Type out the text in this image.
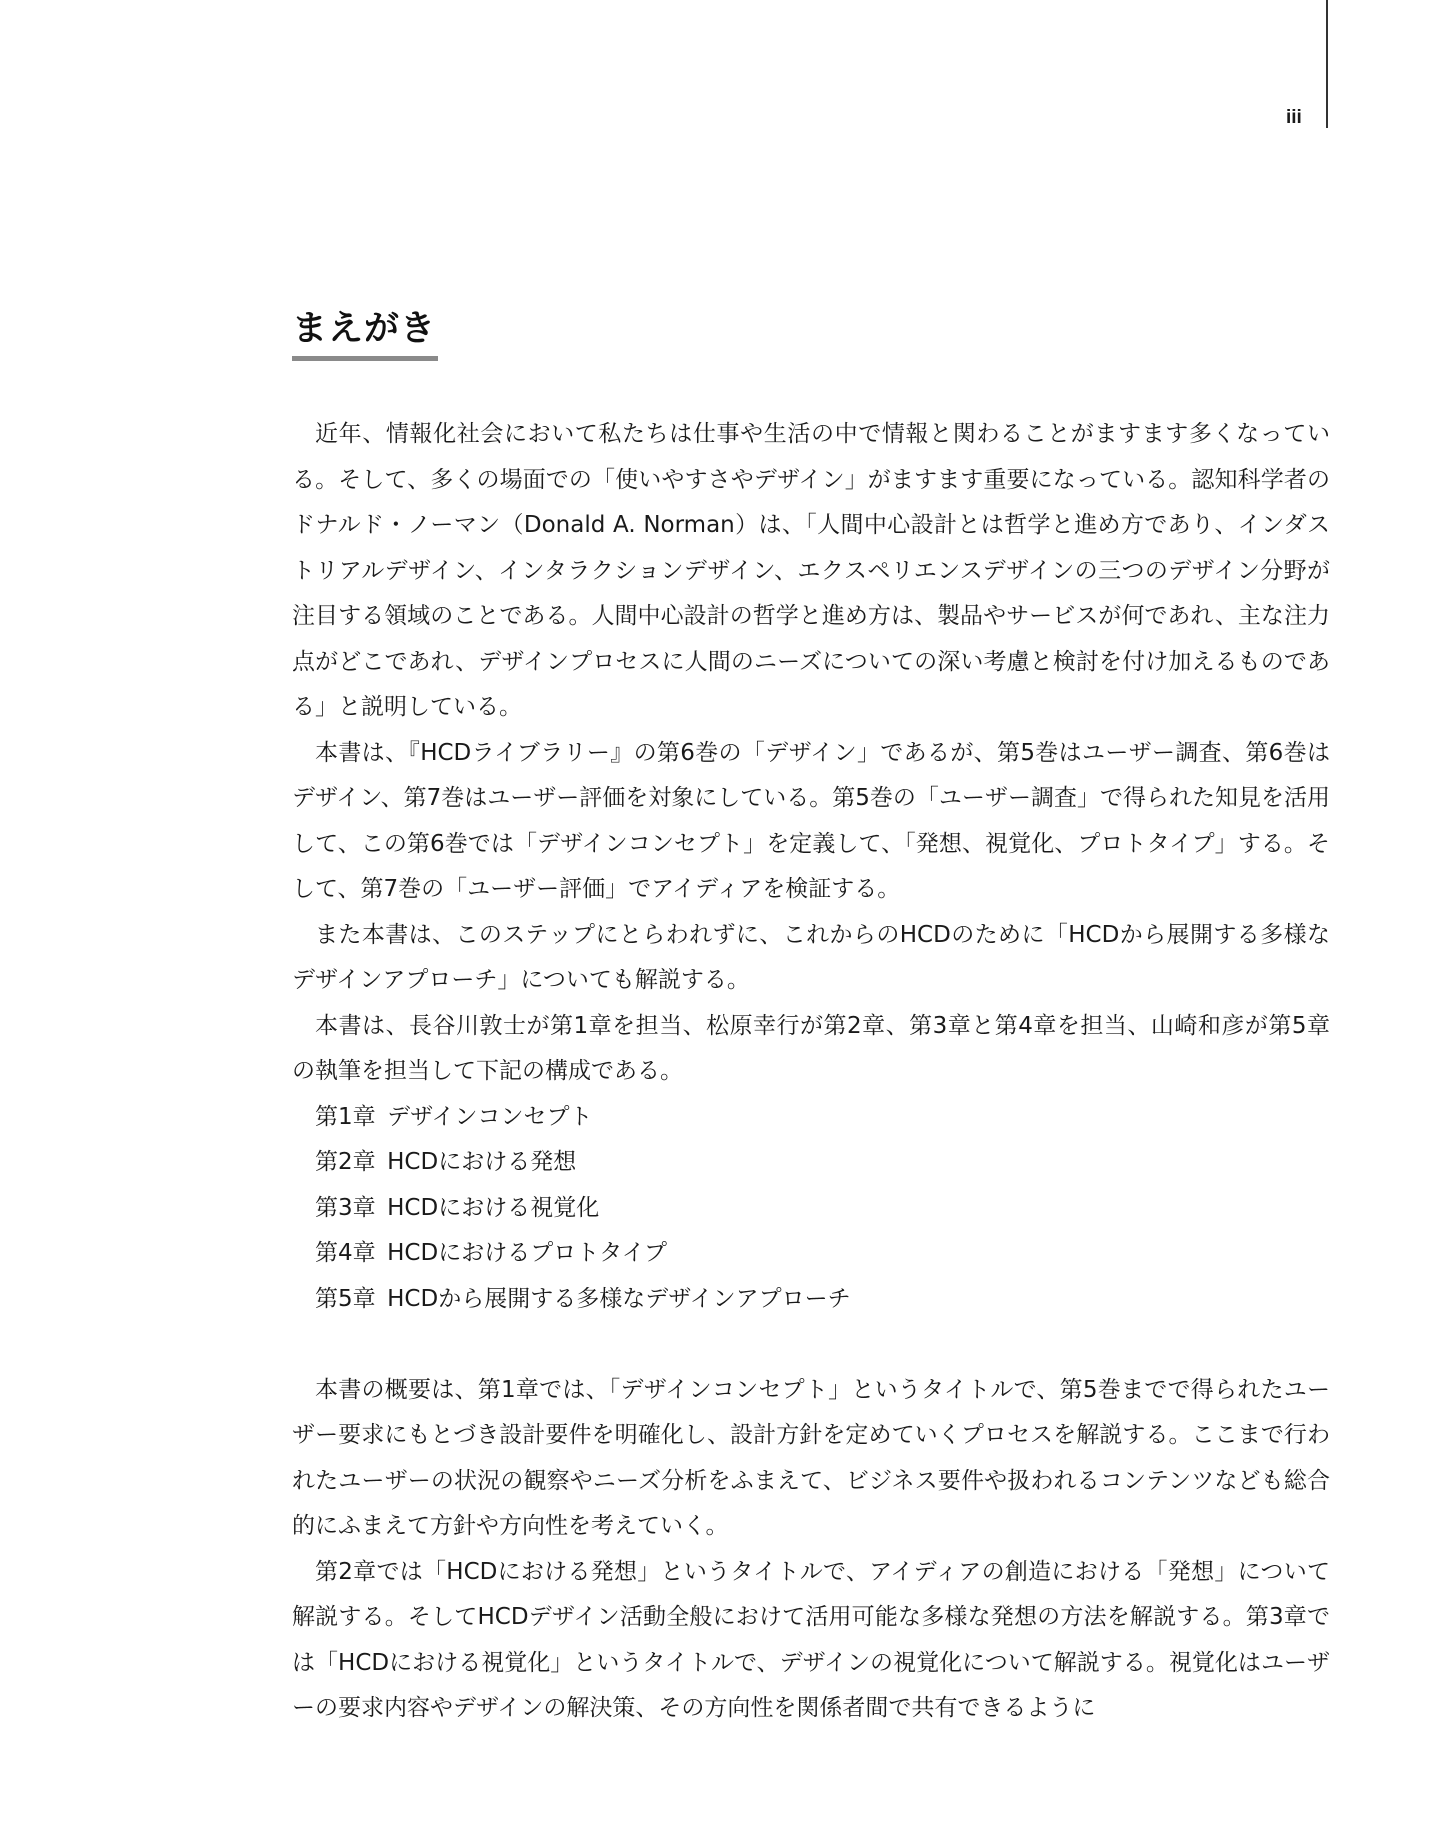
iii
まえがき

近年、情報化社会において私たちは仕事や生活の中で情報と関わることがますます多くなっている。そして、多くの場面での「使いやすさやデザイン」がますます重要になっている。認知科学者のドナルド・ノーマン（Donald A. Norman）は、「人間中心設計とは哲学と進め方であり、インダストリアルデザイン、インタラクションデザイン、エクスペリエンスデザインの三つのデザイン分野が注目する領域のことである。人間中心設計の哲学と進め方は、製品やサービスが何であれ、主な注力点がどこであれ、デザインプロセスに人間のニーズについての深い考慮と検討を付け加えるものである」と説明している。

本書は、『HCDライブラリー』の第6巻の「デザイン」であるが、第5巻はユーザー調査、第6巻はデザイン、第7巻はユーザー評価を対象にしている。第5巻の「ユーザー調査」で得られた知見を活用して、この第6巻では「デザインコンセプト」を定義して、「発想、視覚化、プロトタイプ」する。そして、第7巻の「ユーザー評価」でアイディアを検証する。

また本書は、このステップにとらわれずに、これからのHCDのために「HCDから展開する多様なデザインアプローチ」についても解説する。

本書は、長谷川敦士が第1章を担当、松原幸行が第2章、第3章と第4章を担当、山崎和彦が第5章の執筆を担当して下記の構成である。

第1章 デザインコンセプト
第2章 HCDにおける発想
第3章 HCDにおける視覚化
第4章 HCDにおけるプロトタイプ
第5章 HCDから展開する多様なデザインアプローチ

本書の概要は、第1章では、「デザインコンセプト」というタイトルで、第5巻までで得られたユーザー要求にもとづき設計要件を明確化し、設計方針を定めていくプロセスを解説する。ここまで行われたユーザーの状況の観察やニーズ分析をふまえて、ビジネス要件や扱われるコンテンツなども総合的にふまえて方針や方向性を考えていく。

第2章では「HCDにおける発想」というタイトルで、アイディアの創造における「発想」について解説する。そしてHCDデザイン活動全般におけて活用可能な多様な発想の方法を解説する。第3章では「HCDにおける視覚化」というタイトルで、デザインの視覚化について解説する。視覚化はユーザーの要求内容やデザインの解決策、その方向性を関係者間で共有できるように
